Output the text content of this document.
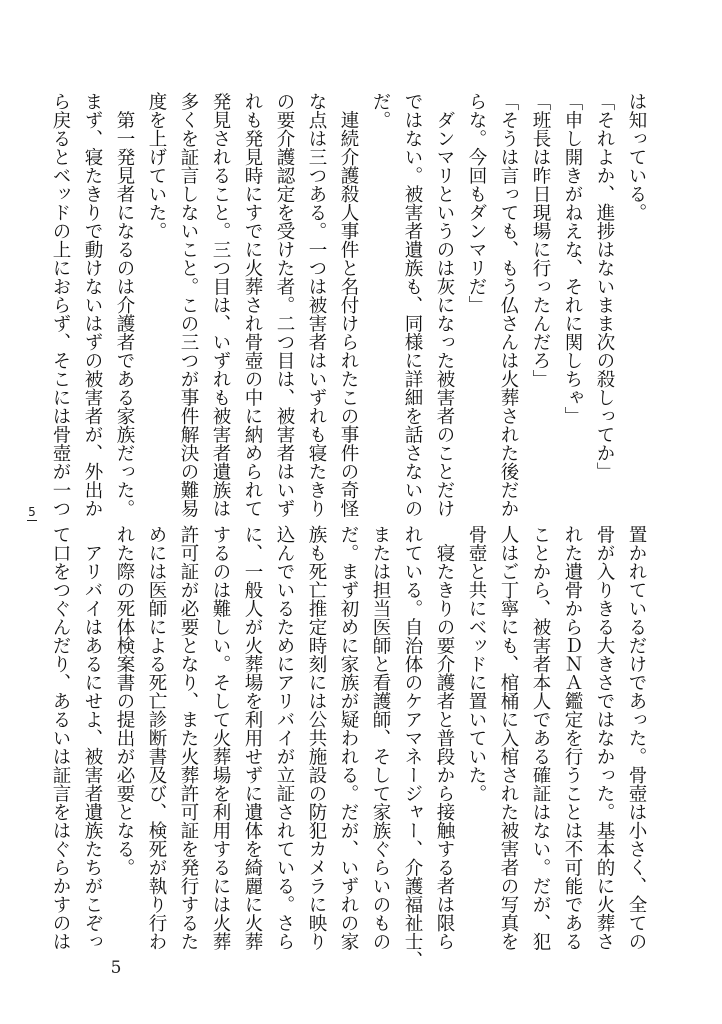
は知っている。
「それよか、進捗はないまま次の殺しってか」
「申し開きがねえな、それに関しちゃ」
「班長は昨日現場に行ったんだろ」
「そうは言っても、もう仏さんは火葬された後だか
らな。今回もダンマリだ」
　ダンマリというのは灰になった被害者のことだけ
ではない。被害者遺族も、同様に詳細を話さないの
だ。
　連続介護殺人事件と名付けられたこの事件の奇怪
な点は三つある。一つは被害者はいずれも寝たきり
の要介護認定を受けた者。二つ目は、被害者はいず
れも発見時にすでに火葬され骨壺の中に納められて
発見されること。三つ目は、いずれも被害者遺族は
多くを証言しないこと。この三つが事件解決の難易
度を上げていた。
　第一発見者になるのは介護者である家族だった。
まず、寝たきりで動けないはずの被害者が、外出か
ら戻るとベッドの上におらず、そこには骨壺が一つ
置かれているだけであった。骨壺は小さく、全ての
骨が入りきる大きさではなかった。基本的に火葬さ
れた遺骨からＤＮＡ鑑定を行うことは不可能である
ことから、被害者本人である確証はない。だが、犯
人はご丁寧にも、棺桶に入棺された被害者の写真を
骨壺と共にベッドに置いていた。
　寝たきりの要介護者と普段から接触する者は限ら
れている。自治体のケアマネージャー、介護福祉士、
または担当医師と看護師、そして家族ぐらいのもの
だ。まず初めに家族が疑われる。だが、いずれの家
族も死亡推定時刻には公共施設の防犯カメラに映り
込んでいるためにアリバイが立証されている。さら
に、一般人が火葬場を利用せずに遺体を綺麗に火葬
するのは難しい。そして火葬場を利用するには火葬
許可証が必要となり、また火葬許可証を発行するた
めには医師による死亡診断書及び、検死が執り行わ
れた際の死体検案書の提出が必要となる。
　アリバイはあるにせよ、被害者遺族たちがこぞっ
て口をつぐんだり、あるいは証言をはぐらかすのは
5
5
